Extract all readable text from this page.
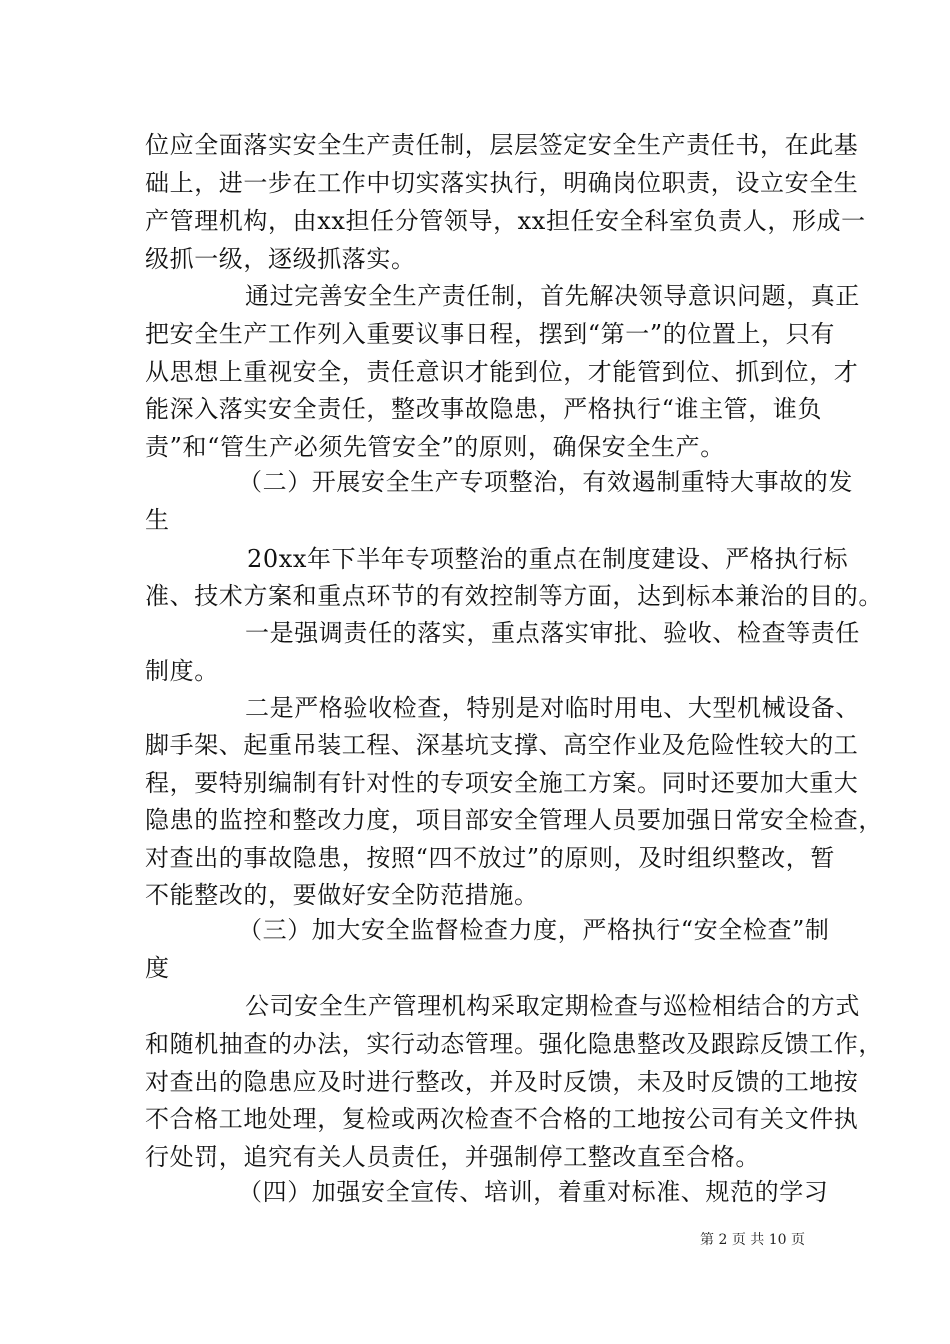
位应全面落实安全生产责任制，层层签定安全生产责任书，在此基
础上，进一步在工作中切实落实执行，明确岗位职责，设立安全生
产管理机构，由xx担任分管领导，xx担任安全科室负责人，形成一
级抓一级，逐级抓落实。
通过完善安全生产责任制，首先解决领导意识问题，真正
把安全生产工作列入重要议事日程，摆到“第一”的位置上，只有
从思想上重视安全，责任意识才能到位，才能管到位、抓到位，才
能深入落实安全责任，整改事故隐患，严格执行“谁主管，谁负
责”和“管生产必须先管安全”的原则，确保安全生产。
（二）开展安全生产专项整治，有效遏制重特大事故的发
生
20xx年下半年专项整治的重点在制度建设、严格执行标
准、技术方案和重点环节的有效控制等方面，达到标本兼治的目的。
一是强调责任的落实，重点落实审批、验收、检查等责任
制度。
二是严格验收检查，特别是对临时用电、大型机械设备、
脚手架、起重吊装工程、深基坑支撑、高空作业及危险性较大的工
程，要特别编制有针对性的专项安全施工方案。同时还要加大重大
隐患的监控和整改力度，项目部安全管理人员要加强日常安全检查，
对查出的事故隐患，按照“四不放过”的原则，及时组织整改，暂
不能整改的，要做好安全防范措施。
（三）加大安全监督检查力度，严格执行“安全检查”制
度
公司安全生产管理机构采取定期检查与巡检相结合的方式
和随机抽查的办法，实行动态管理。强化隐患整改及跟踪反馈工作，
对查出的隐患应及时进行整改，并及时反馈，未及时反馈的工地按
不合格工地处理，复检或两次检查不合格的工地按公司有关文件执
行处罚，追究有关人员责任，并强制停工整改直至合格。
（四）加强安全宣传、培训，着重对标准、规范的学习
第 2 页 共 10 页
